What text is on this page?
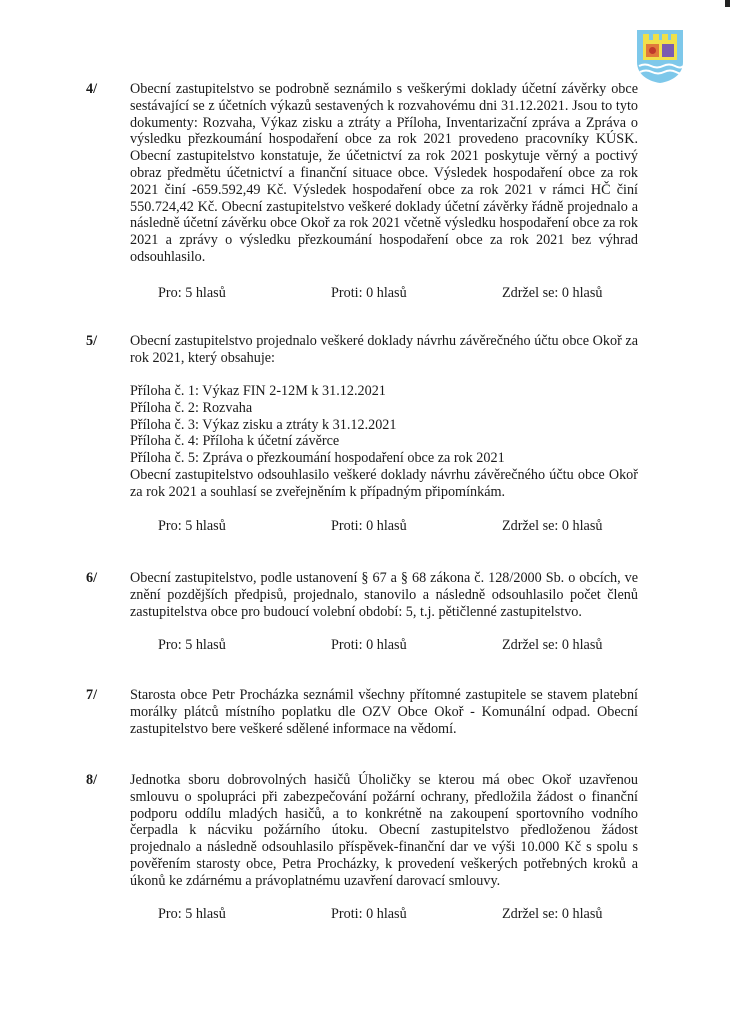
4/ Obecní zastupitelstvo se podrobně seznámilo s veškerými doklady účetní závěrky obce sestávající se z účetních výkazů sestavených k rozvahovému dni 31.12.2021. Jsou to tyto dokumenty: Rozvaha, Výkaz zisku a ztráty a Příloha, Inventarizační zpráva a Zpráva o výsledku přezkoumání hospodaření obce za rok 2021 provedeno pracovníky KÚSK. Obecní zastupitelstvo konstatuje, že účetnictví za rok 2021 poskytuje věrný a poctivý obraz předmětu účetnictví a finanční situace obce. Výsledek hospodaření obce za rok 2021 činí -659.592,49 Kč. Výsledek hospodaření obce za rok 2021 v rámci HČ činí 550.724,42 Kč. Obecní zastupitelstvo veškeré doklady účetní závěrky řádně projednalo a následně účetní závěrku obce Okoř za rok 2021 včetně výsledku hospodaření obce za rok 2021 a zprávy o výsledku přezkoumání hospodaření obce za rok 2021 bez výhrad odsouhlasilo.
Pro: 5 hlasů	Proti: 0 hlasů	Zdržel se: 0 hlasů
5/ Obecní zastupitelstvo projednalo veškeré doklady návrhu závěrečného účtu obce Okoř za rok 2021, který obsahuje:
Příloha č. 1: Výkaz FIN 2-12M k 31.12.2021
Příloha č. 2: Rozvaha
Příloha č. 3: Výkaz zisku a ztráty k 31.12.2021
Příloha č. 4: Příloha k účetní závěrce
Příloha č. 5: Zpráva o přezkoumání hospodaření obce za rok 2021
Obecní zastupitelstvo odsouhlasilo veškeré doklady návrhu závěrečného účtu obce Okoř za rok 2021 a souhlasí se zveřejněním k případným připomínkám.
Pro: 5 hlasů	Proti: 0 hlasů	Zdržel se: 0 hlasů
6/ Obecní zastupitelstvo, podle ustanovení § 67 a § 68 zákona č. 128/2000 Sb. o obcích, ve znění pozdějších předpisů, projednalo, stanovilo a následně odsouhlasilo počet členů zastupitelstva obce pro budoucí volební období: 5, t.j. pětičlenné zastupitelstvo.
Pro: 5 hlasů	Proti: 0 hlasů	Zdržel se: 0 hlasů
7/ Starosta obce Petr Procházka seznámil všechny přítomné zastupitele se stavem platební morálky plátců místního poplatku dle OZV Obce Okoř - Komunální odpad. Obecní zastupitelstvo bere veškeré sdělené informace na vědomí.
8/ Jednotka sboru dobrovolných hasičů Úholičky se kterou má obec Okoř uzavřenou smlouvu o spolupráci při zabezpečování požární ochrany, předložila žádost o finanční podporu oddílu mladých hasičů, a to konkrétně na zakoupení sportovního vodního čerpadla k nácviku požárního útoku. Obecní zastupitelstvo předloženou žádost projednalo a následně odsouhlasilo příspěvek-finanční dar ve výši 10.000 Kč s spolu s pověřením starosty obce, Petra Procházky, k provedení veškerých potřebných kroků a úkonů ke zdárnému a právoplatnému uzavření darovací smlouvy.
Pro: 5 hlasů	Proti: 0 hlasů	Zdržel se: 0 hlasů
